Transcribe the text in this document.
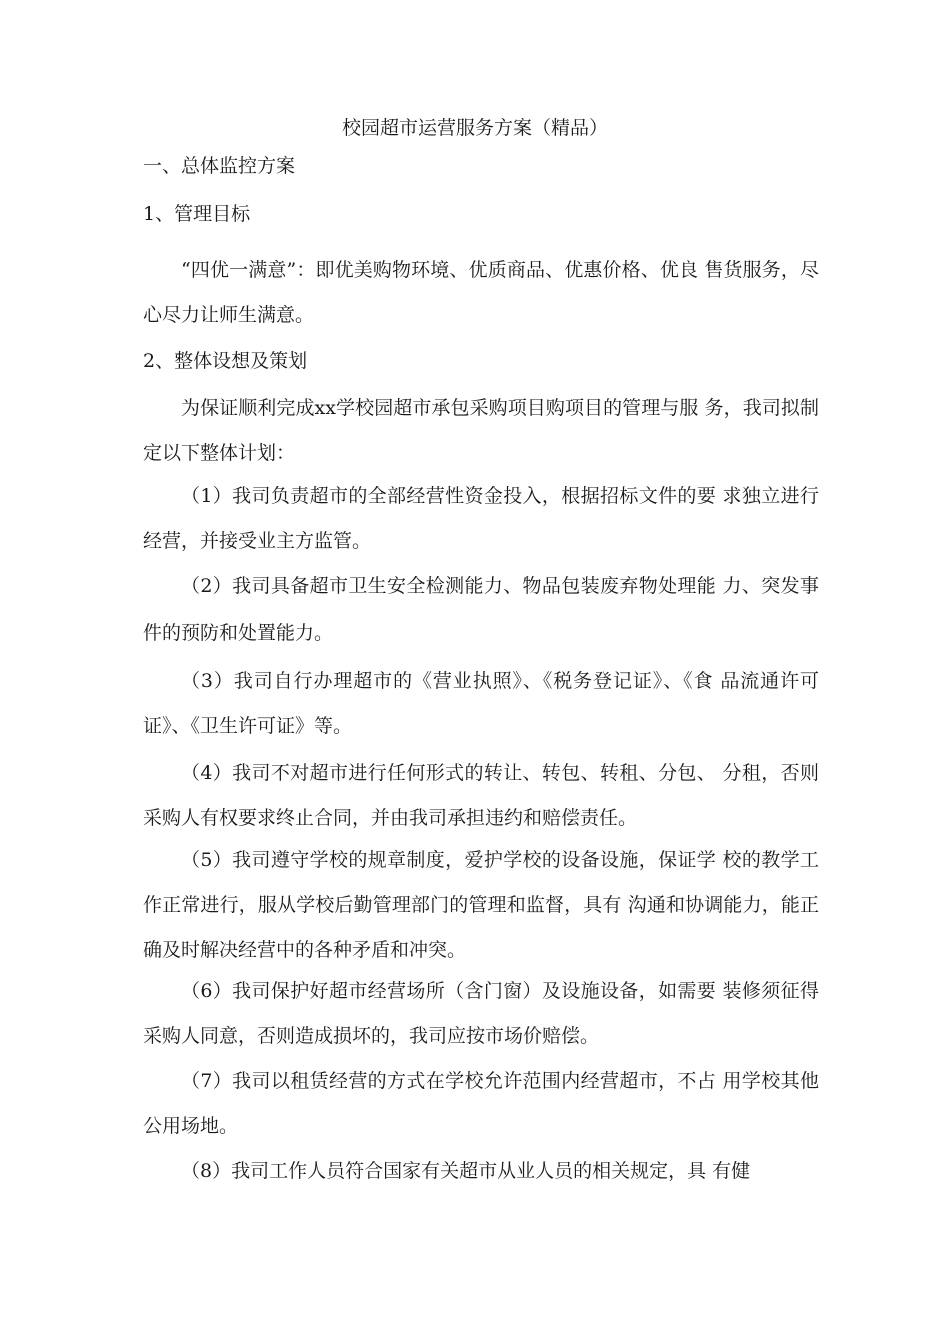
校园超市运营服务方案（精品）
一、总体监控方案
1、管理目标

“四优一满意”：即优美购物环境、优质商品、优惠价格、优良 售货服务，尽心尽力让师生满意。

2、整体设想及策划

为保证顺利完成xx学校园超市承包采购项目购项目的管理与服 务，我司拟制定以下整体计划：

（1）我司负责超市的全部经营性资金投入，根据招标文件的要 求独立进行经营，并接受业主方监管。

（2）我司具备超市卫生安全检测能力、物品包装废弃物处理能 力、突发事件的预防和处置能力。

（3）我司自行办理超市的《营业执照》、《税务登记证》、《食 品流通许可证》、《卫生许可证》等。

（4）我司不对超市进行任何形式的转让、转包、转租、分包、 分租，否则采购人有权要求终止合同，并由我司承担违约和赔偿责任。

（5）我司遵守学校的规章制度，爱护学校的设备设施，保证学 校的教学工作正常进行，服从学校后勤管理部门的管理和监督，具有 沟通和协调能力，能正确及时解决经营中的各种矛盾和冲突。

（6）我司保护好超市经营场所（含门窗）及设施设备，如需要 装修须征得采购人同意，否则造成损坏的，我司应按市场价赔偿。

（7）我司以租赁经营的方式在学校允许范围内经营超市，不占 用学校其他公用场地。

（8）我司工作人员符合国家有关超市从业人员的相关规定，具 有健
